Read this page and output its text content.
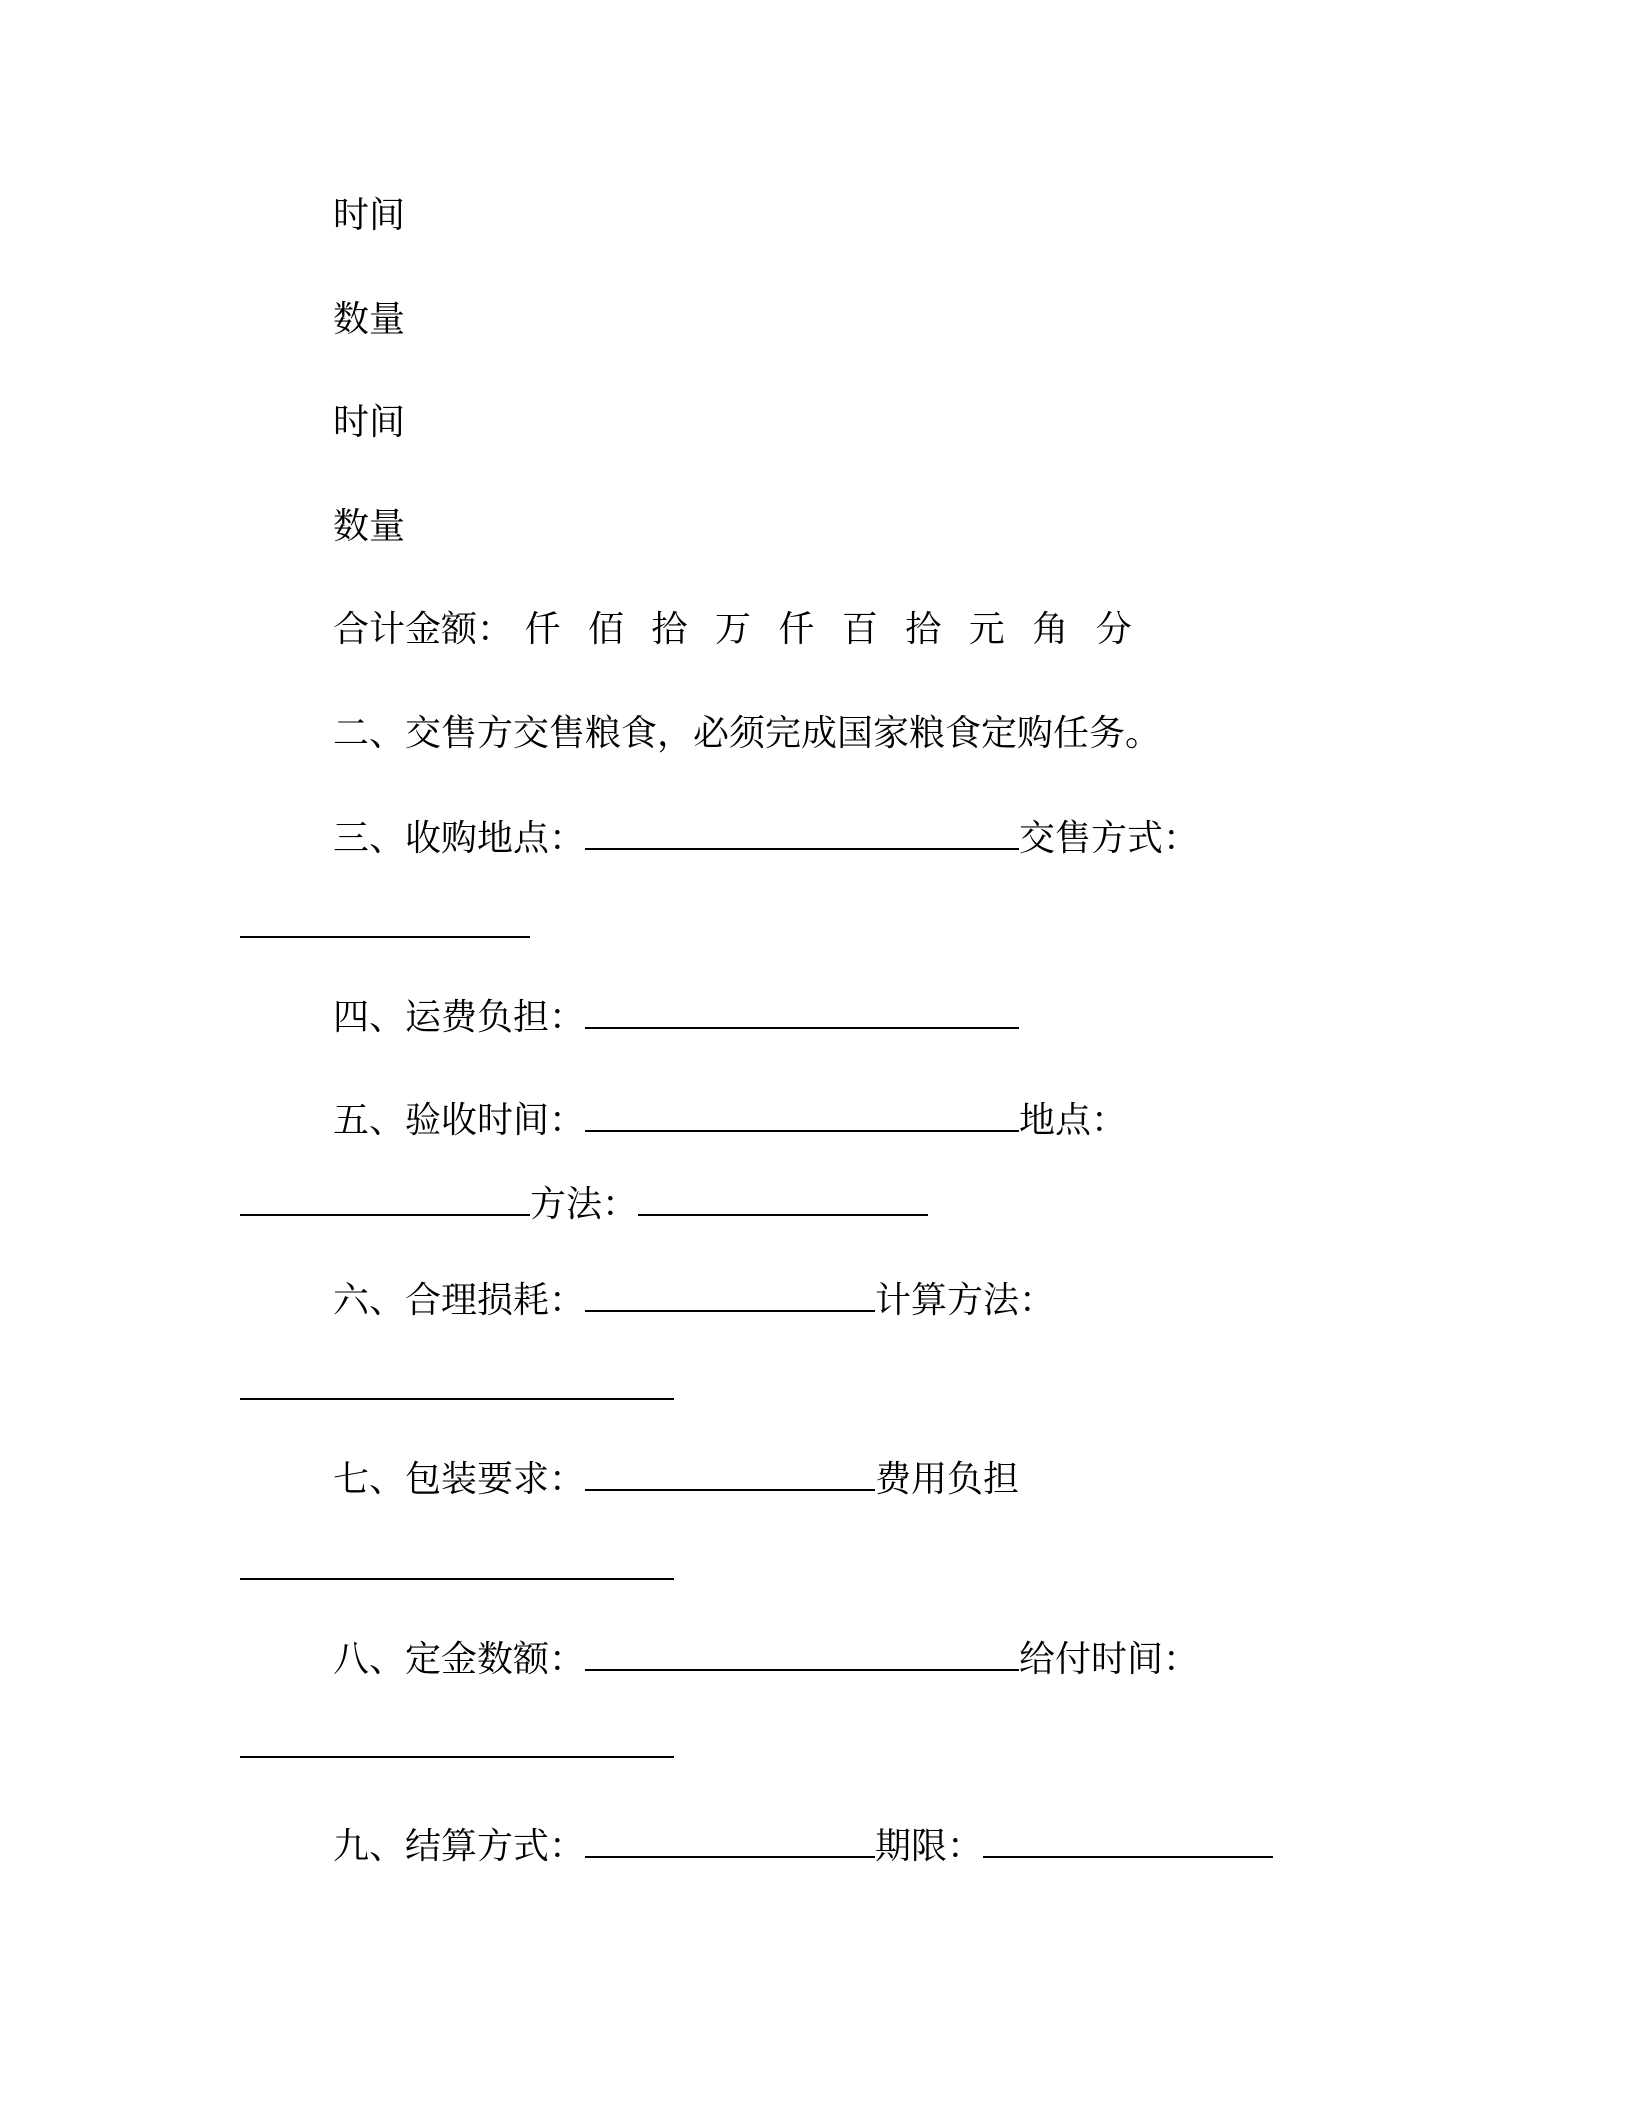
时间
数量
时间
数量
合计金额： 仟 佰 拾 万 仟 百 拾 元 角 分
二、交售方交售粮食，必须完成国家粮食定购任务。
三、收购地点：	交售方式：
四、运费负担：
五、验收时间：	地点：
方法：
六、合理损耗：	计算方法：
七、包装要求：	费用负担
八、定金数额：	给付时间：
九、结算方式：	期限：
